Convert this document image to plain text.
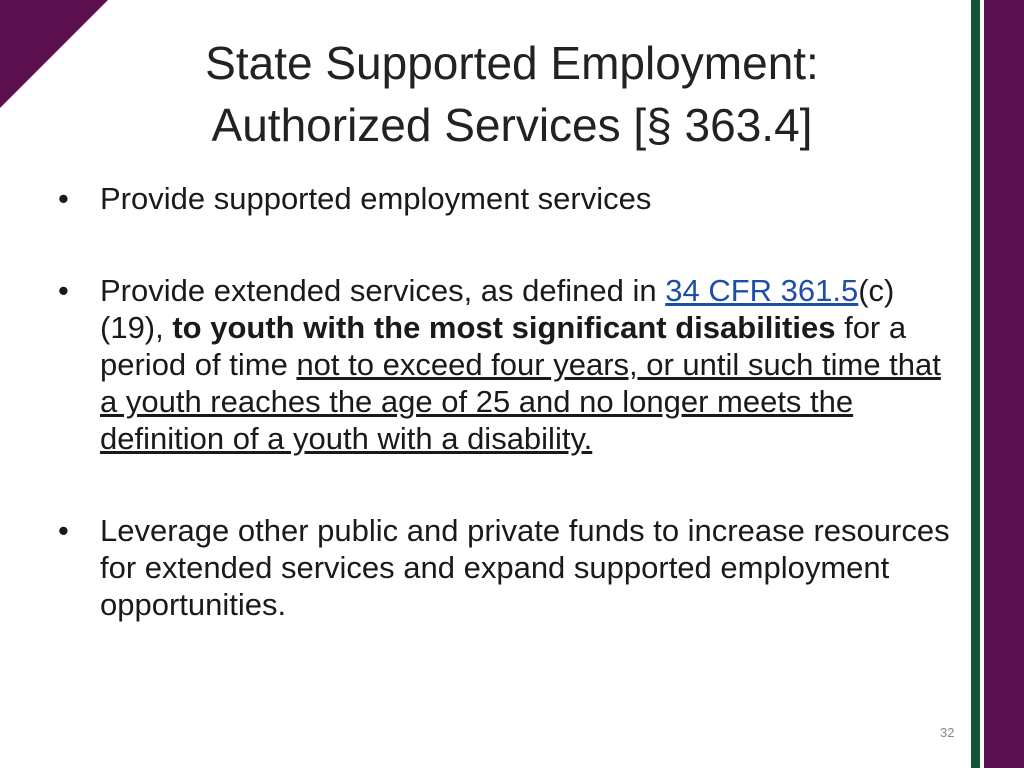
State Supported Employment:
Authorized Services [§ 363.4]
•	Provide supported employment services
•	Provide extended services, as defined in 34 CFR 361.5(c)(19), to youth with the most significant disabilities for a period of time not to exceed four years, or until such time that a youth reaches the age of 25 and no longer meets the definition of a youth with a disability.
•	Leverage other public and private funds to increase resources for extended services and expand supported employment opportunities.
32
